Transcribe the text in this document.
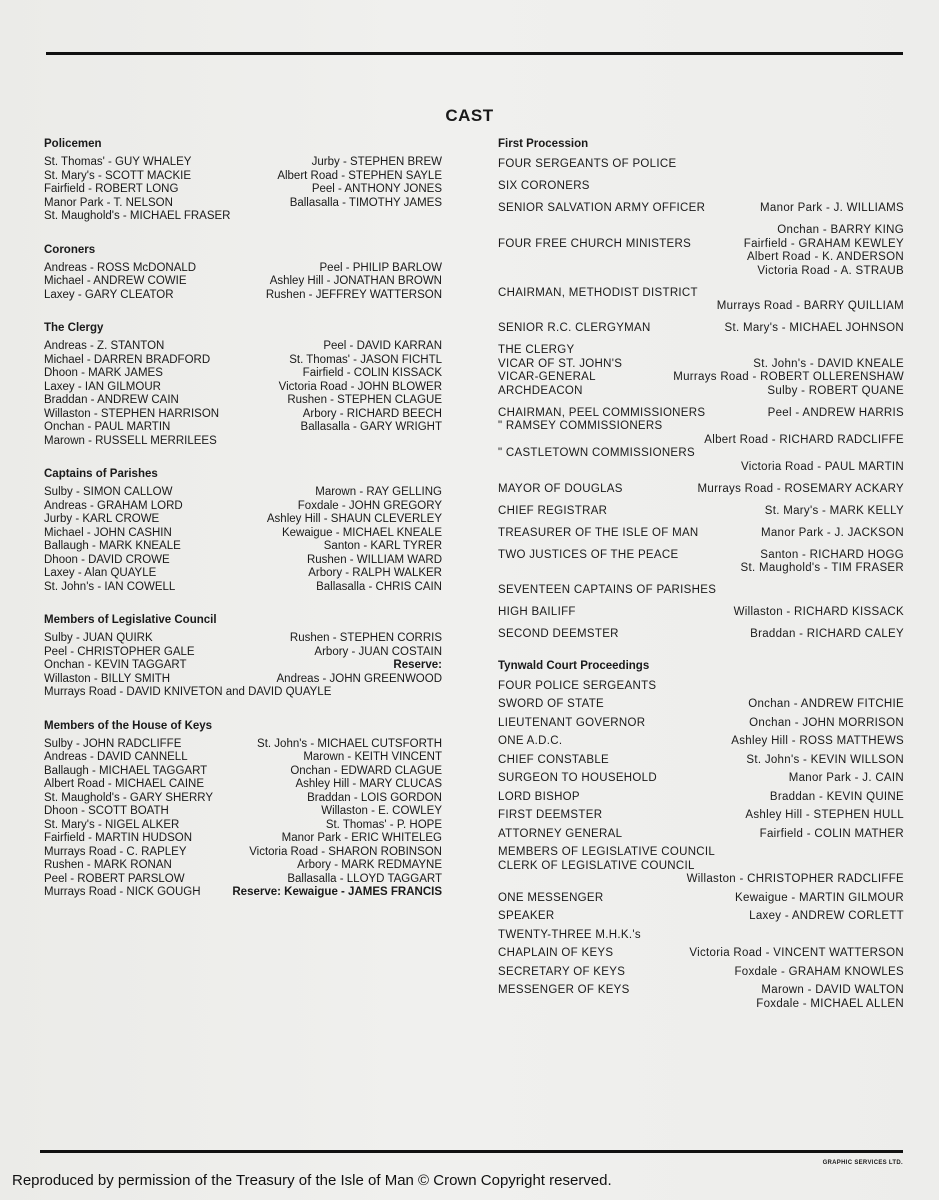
CAST
Policemen
St. Thomas' - GUY WHALEY	Jurby - STEPHEN BREW
St. Mary's - SCOTT MACKIE	Albert Road - STEPHEN SAYLE
Fairfield - ROBERT LONG	Peel - ANTHONY JONES
Manor Park - T. NELSON	Ballasalla - TIMOTHY JAMES
St. Maughold's - MICHAEL FRASER
Coroners
Andreas - ROSS McDONALD	Peel - PHILIP BARLOW
Michael - ANDREW COWIE	Ashley Hill - JONATHAN BROWN
Laxey - GARY CLEATOR	Rushen - JEFFREY WATTERSON
The Clergy
Andreas - Z. STANTON	Peel - DAVID KARRAN
Michael - DARREN BRADFORD	St. Thomas' - JASON FICHTL
Dhoon - MARK JAMES	Fairfield - COLIN KISSACK
Laxey - IAN GILMOUR	Victoria Road - JOHN BLOWER
Braddan - ANDREW CAIN	Rushen - STEPHEN CLAGUE
Willaston - STEPHEN HARRISON	Arbory - RICHARD BEECH
Onchan - PAUL MARTIN	Ballasalla - GARY WRIGHT
Marown - RUSSELL MERRILEES
Captains of Parishes
Sulby - SIMON CALLOW	Marown - RAY GELLING
Andreas - GRAHAM LORD	Foxdale - JOHN GREGORY
Jurby - KARL CROWE	Ashley Hill - SHAUN CLEVERLEY
Michael - JOHN CASHIN	Kewaigue - MICHAEL KNEALE
Ballaugh - MARK KNEALE	Santon - KARL TYRER
Dhoon - DAVID CROWE	Rushen - WILLIAM WARD
Laxey - Alan QUAYLE	Arbory - RALPH WALKER
St. John's - IAN COWELL	Ballasalla - CHRIS CAIN
Members of Legislative Council
Sulby - JUAN QUIRK	Rushen - STEPHEN CORRIS
Peel - CHRISTOPHER GALE	Arbory - JUAN COSTAIN
Onchan - KEVIN TAGGART	Reserve:
Willaston - BILLY SMITH	Andreas - JOHN GREENWOOD
Murrays Road - DAVID KNIVETON and DAVID QUAYLE
Members of the House of Keys
Sulby - JOHN RADCLIFFE	St. John's - MICHAEL CUTSFORTH
Andreas - DAVID CANNELL	Marown - KEITH VINCENT
Ballaugh - MICHAEL TAGGART	Onchan - EDWARD CLAGUE
Albert Road - MICHAEL CAINE	Ashley Hill - MARY CLUCAS
St. Maughold's - GARY SHERRY	Braddan - LOIS GORDON
Dhoon - SCOTT BOATH	Willaston - E. COWLEY
St. Mary's - NIGEL ALKER	St. Thomas' - P. HOPE
Fairfield - MARTIN HUDSON	Manor Park - ERIC WHITELEG
Murrays Road - C. RAPLEY	Victoria Road - SHARON ROBINSON
Rushen - MARK RONAN	Arbory - MARK REDMAYNE
Peel - ROBERT PARSLOW	Ballasalla - LLOYD TAGGART
Murrays Road - NICK GOUGH	Reserve: Kewaigue - JAMES FRANCIS
First Procession
FOUR SERGEANTS OF POLICE
SIX CORONERS
SENIOR SALVATION ARMY OFFICER	Manor Park - J. WILLIAMS
Onchan - BARRY KING
FOUR FREE CHURCH MINISTERS	Fairfield - GRAHAM KEWLEY
Albert Road - K. ANDERSON
Victoria Road - A. STRAUB
CHAIRMAN, METHODIST DISTRICT
Murrays Road - BARRY QUILLIAM
SENIOR R.C. CLERGYMAN	St. Mary's - MICHAEL JOHNSON
THE CLERGY
VICAR OF ST. JOHN'S	St. John's - DAVID KNEALE
VICAR-GENERAL	Murrays Road - ROBERT OLLERENSHAW
ARCHDEACON	Sulby - ROBERT QUANE
CHAIRMAN, PEEL COMMISSIONERS	Peel - ANDREW HARRIS
" RAMSEY COMMISSIONERS
Albert Road - RICHARD RADCLIFFE
" CASTLETOWN COMMISSIONERS
Victoria Road - PAUL MARTIN
MAYOR OF DOUGLAS	Murrays Road - ROSEMARY ACKARY
CHIEF REGISTRAR	St. Mary's - MARK KELLY
TREASURER OF THE ISLE OF MAN	Manor Park - J. JACKSON
TWO JUSTICES OF THE PEACE	Santon - RICHARD HOGG
St. Maughold's - TIM FRASER
SEVENTEEN CAPTAINS OF PARISHES
HIGH BAILIFF	Willaston - RICHARD KISSACK
SECOND DEEMSTER	Braddan - RICHARD CALEY
Tynwald Court Proceedings
FOUR POLICE SERGEANTS
SWORD OF STATE	Onchan - ANDREW FITCHIE
LIEUTENANT GOVERNOR	Onchan - JOHN MORRISON
ONE A.D.C.	Ashley Hill - ROSS MATTHEWS
CHIEF CONSTABLE	St. John's - KEVIN WILLSON
SURGEON TO HOUSEHOLD	Manor Park - J. CAIN
LORD BISHOP	Braddan - KEVIN QUINE
FIRST DEEMSTER	Ashley Hill - STEPHEN HULL
ATTORNEY GENERAL	Fairfield - COLIN MATHER
MEMBERS OF LEGISLATIVE COUNCIL
CLERK OF LEGISLATIVE COUNCIL
Willaston - CHRISTOPHER RADCLIFFE
ONE MESSENGER	Kewaigue - MARTIN GILMOUR
SPEAKER	Laxey - ANDREW CORLETT
TWENTY-THREE M.H.K.'s
CHAPLAIN OF KEYS	Victoria Road - VINCENT WATTERSON
SECRETARY OF KEYS	Foxdale - GRAHAM KNOWLES
MESSENGER OF KEYS	Marown - DAVID WALTON
Foxdale - MICHAEL ALLEN
GRAPHIC SERVICES LTD.
Reproduced by permission of the Treasury of the Isle of Man © Crown Copyright reserved.
